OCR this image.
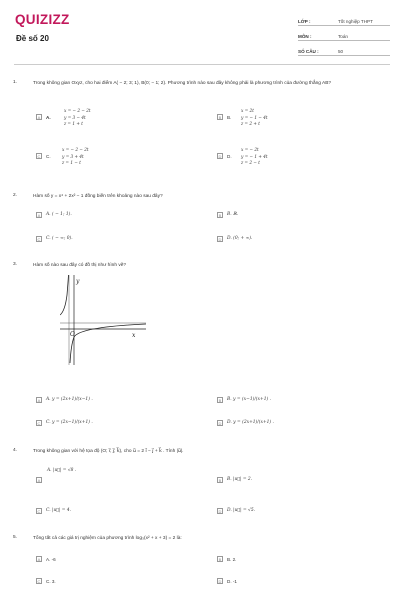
QUIZIZZ
Đề số 20
LỚP :	Tốt nghiệp THPT
MÔN :	Toán
SỐ CÂU :	50
1.	Trong không gian Oxyz, cho hai điểm A( − 2; 3; 1), B(0; − 1; 2). Phương trình nào sau đây không phải là phương trình của đường thẳng AB?
A	A.
x = − 2 − 2t
y = 3 − 4t
z = 1 + t
B	B.
x = 2t
y = − 1 − 4t
z = 2 + t
C	C.
x = − 2 − 2t
y = 3 + 4t
z = 1 − t
D	D.
x = − 2t
y = − 1 + 4t
z = 2 − t
2.	Hàm số y = x⁴ + 2x² − 1 đồng biến trên khoảng nào sau đây?
A	A. ( − 1; 1).	B	B. ℝ.
C	C. ( − ∞; 0).	D	D. (0; + ∞).
3.	Hàm số nào sau đây có đồ thị như hình vẽ?
y
x
O
A	A. y = (2x+1)/(x−1) .	B	B. y = (x−1)/(x+1) .
C	C. y = (2x−1)/(x+1) .	D	D. y = (2x+1)/(x+1) .
4.	Trong không gian với hệ tọa độ (O; i⃗; j⃗; k⃗), cho u⃗ = 2 i⃗ − j⃗ + k⃗ . Tính |u⃗|.
A. |u⃗| = √8 .
A	B	B. |u⃗| = 2.
C	C. |u⃗| = 4.	D	D. |u⃗| = √5.
5.	Tổng tất cả các giá trị nghiệm của phương trình log₃(x² + x + 3) = 2 là:
A	A. -6	B	B. 2.
C	C. 3.	D	D. -1
